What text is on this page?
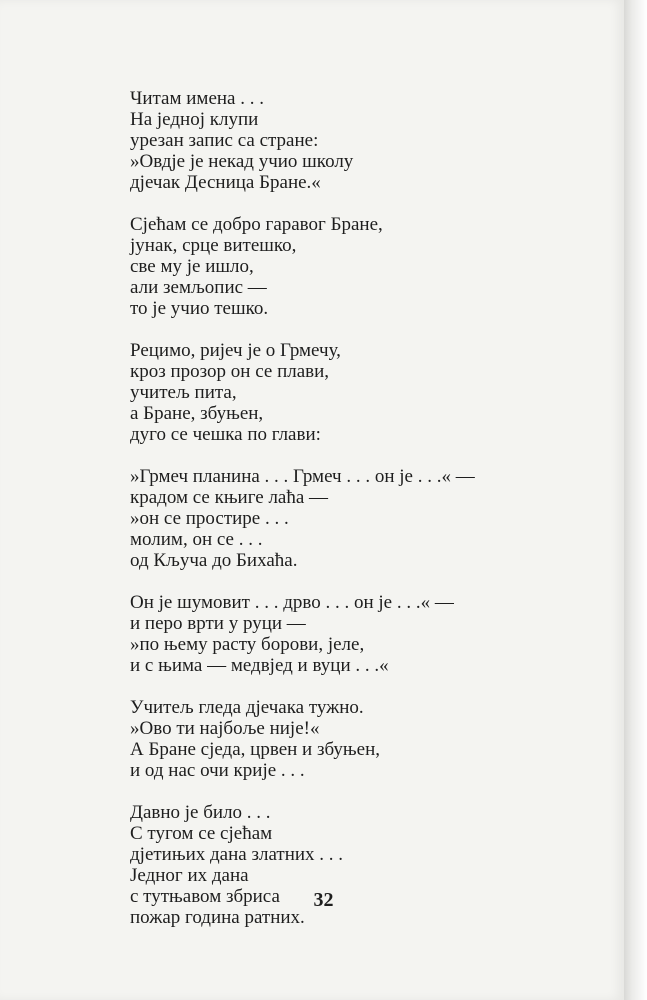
Читам имена . . .
На једној клупи
урезан запис са стране:
»Овдје је некад учио школу
дјечак Десница Бране.«
Сјећам се добро гаравог Бране,
јунак, срце витешко,
све му је ишло,
али земљопис —
то је учио тешко.
Рецимо, ријеч је о Грмечу,
кроз прозор он се плави,
учитељ пита,
а Бране, збуњен,
дуго се чешка по глави:
»Грмеч планина . . . Грмеч . . . он је . . .« —
крадом се књиге лаћа —
»он се простире . . .
молим, он се . . .
од Кључа до Бихаћа.
Он је шумовит . . . дрво . . . он је . . .« —
и перо врти у руци —
»по њему расту борови, јеле,
и с њима — медвјед и вуци . . .«
Учитељ гледа дјечака тужно.
»Ово ти најбоље није!«
А Бране сједа, црвен и збуњен,
и од нас очи крије . . .
Давно је било . . .
С тугом се сјећам
дјетињих дана златних . . .
Једног их дана
с тутњавом збриса
пожар година ратних.
32
